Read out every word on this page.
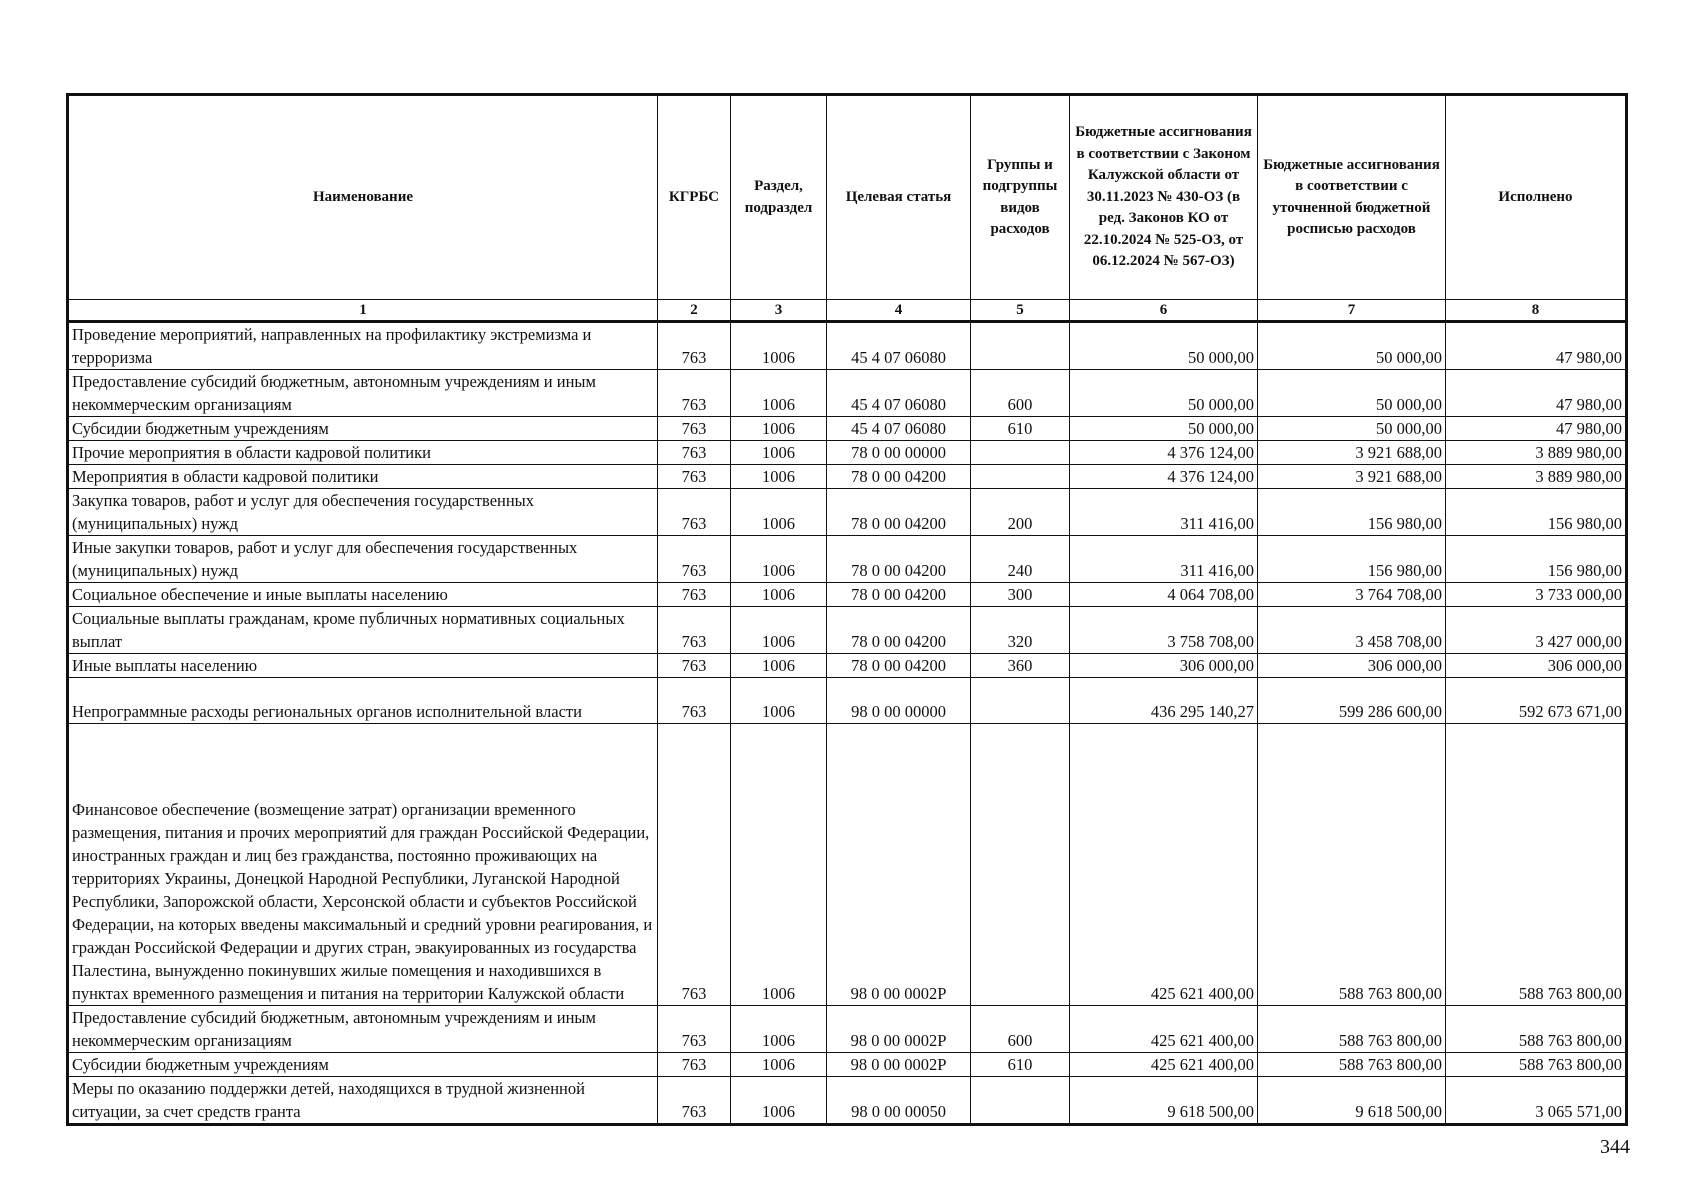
Наименование	КГРБС	Раздел, подраздел	Целевая статья	Группы и подгруппы видов расходов	Бюджетные ассигнования в соответствии с Законом Калужской области от 30.11.2023 № 430-ОЗ (в ред. Законов КО от 22.10.2024 № 525-ОЗ, от 06.12.2024 № 567-ОЗ)	Бюджетные ассигнования в соответствии с уточненной бюджетной росписью расходов	Исполнено
1	2	3	4	5	6	7	8
Проведение мероприятий, направленных на профилактику экстремизма и терроризма	763	1006	45 4 07 06080		50 000,00	50 000,00	47 980,00
Предоставление субсидий бюджетным, автономным учреждениям и иным некоммерческим организациям	763	1006	45 4 07 06080	600	50 000,00	50 000,00	47 980,00
Субсидии бюджетным учреждениям	763	1006	45 4 07 06080	610	50 000,00	50 000,00	47 980,00
Прочие мероприятия в области кадровой политики	763	1006	78 0 00 00000		4 376 124,00	3 921 688,00	3 889 980,00
Мероприятия в области кадровой политики	763	1006	78 0 00 04200		4 376 124,00	3 921 688,00	3 889 980,00
Закупка товаров, работ и услуг для обеспечения государственных (муниципальных) нужд	763	1006	78 0 00 04200	200	311 416,00	156 980,00	156 980,00
Иные закупки товаров, работ и услуг для обеспечения государственных (муниципальных) нужд	763	1006	78 0 00 04200	240	311 416,00	156 980,00	156 980,00
Социальное обеспечение и иные выплаты населению	763	1006	78 0 00 04200	300	4 064 708,00	3 764 708,00	3 733 000,00
Социальные выплаты гражданам, кроме публичных нормативных социальных выплат	763	1006	78 0 00 04200	320	3 758 708,00	3 458 708,00	3 427 000,00
Иные выплаты населению	763	1006	78 0 00 04200	360	306 000,00	306 000,00	306 000,00
Непрограммные расходы региональных органов исполнительной власти	763	1006	98 0 00 00000		436 295 140,27	599 286 600,00	592 673 671,00
Финансовое обеспечение (возмещение затрат) организации временного размещения, питания и прочих мероприятий для граждан Российской Федерации, иностранных граждан и лиц без гражданства, постоянно проживающих на территориях Украины, Донецкой Народной Республики, Луганской Народной Республики, Запорожской области, Херсонской области и субъектов Российской Федерации, на которых введены максимальный и средний уровни реагирования, и граждан Российской Федерации и других стран, эвакуированных из государства Палестина, вынужденно покинувших жилые помещения и находившихся в пунктах временного размещения и питания на территории Калужской области	763	1006	98 0 00 0002P		425 621 400,00	588 763 800,00	588 763 800,00
Предоставление субсидий бюджетным, автономным учреждениям и иным некоммерческим организациям	763	1006	98 0 00 0002P	600	425 621 400,00	588 763 800,00	588 763 800,00
Субсидии бюджетным учреждениям	763	1006	98 0 00 0002P	610	425 621 400,00	588 763 800,00	588 763 800,00
Меры по оказанию поддержки детей, находящихся в трудной жизненной ситуации, за счет средств гранта	763	1006	98 0 00 00050		9 618 500,00	9 618 500,00	3 065 571,00
344
